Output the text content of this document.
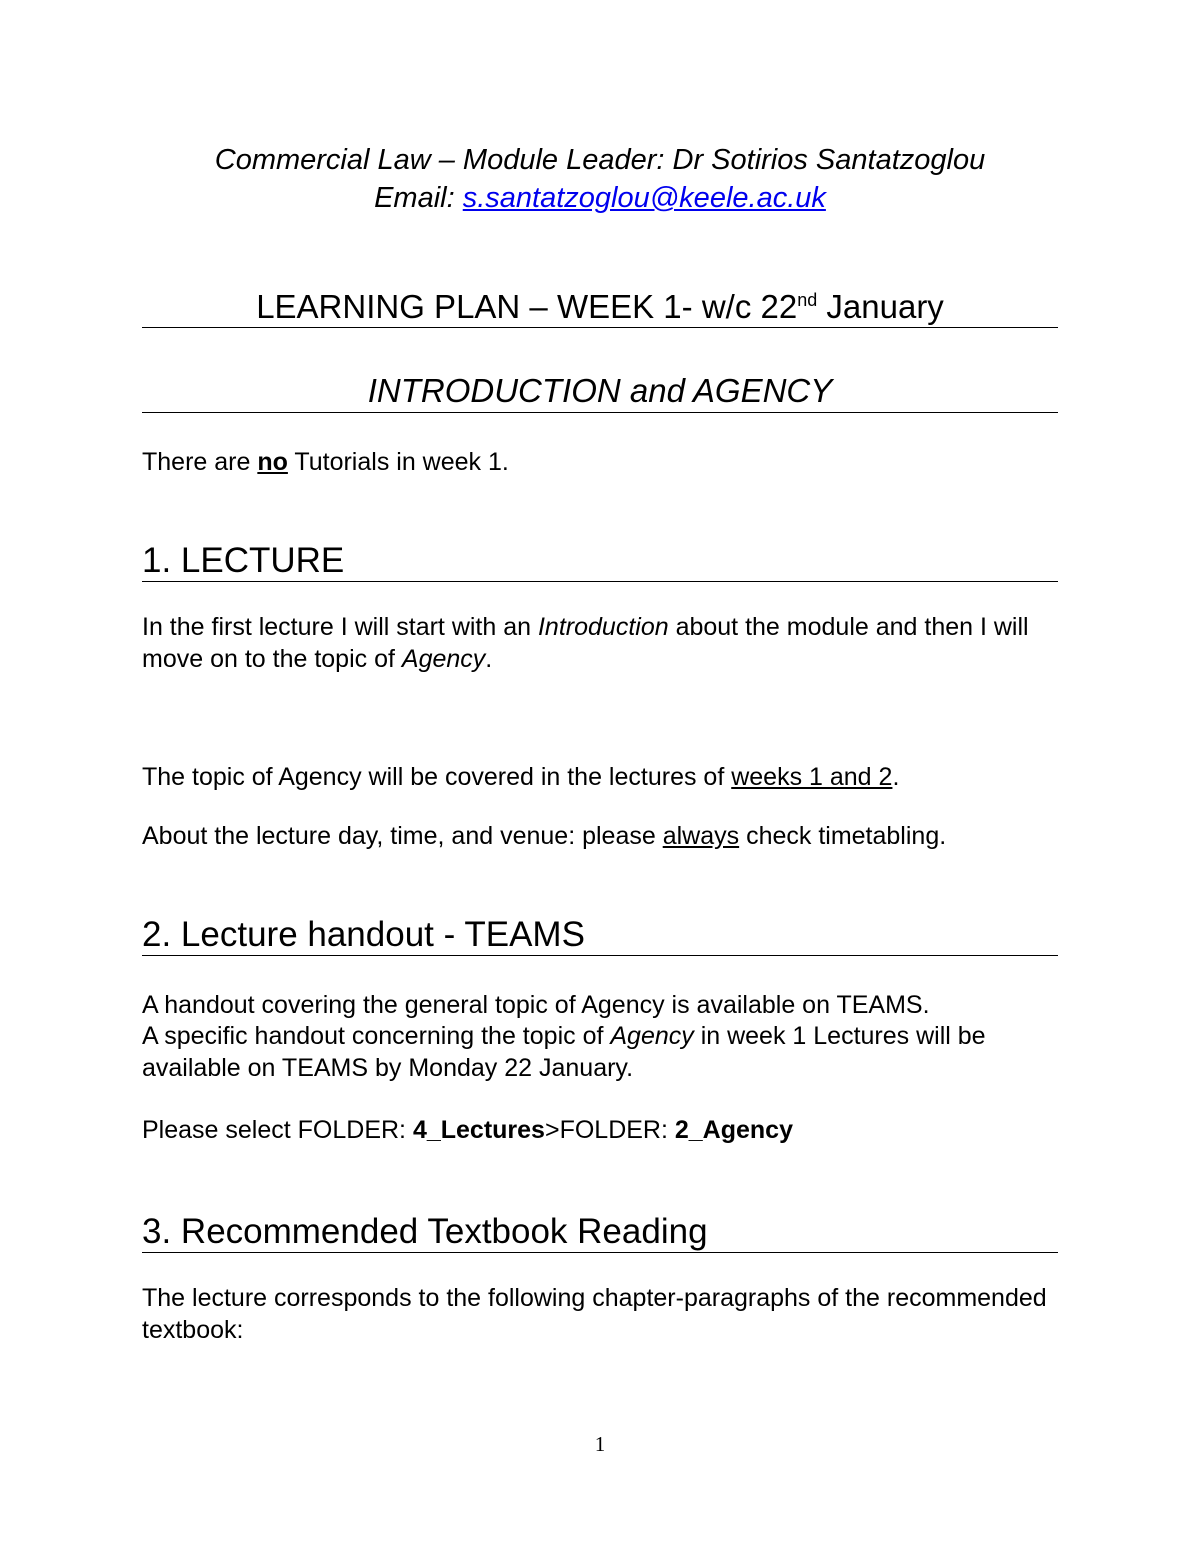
Commercial Law – Module Leader: Dr Sotirios Santatzoglou
Email: s.santatzoglou@keele.ac.uk
LEARNING PLAN – WEEK 1- w/c 22nd January
INTRODUCTION and AGENCY
There are no Tutorials in week 1.
1. LECTURE
In the first lecture I will start with an Introduction about the module and then I will move on to the topic of Agency.
The topic of Agency will be covered in the lectures of weeks 1 and 2.
About the lecture day, time, and venue: please always check timetabling.
2. Lecture handout - TEAMS
A handout covering the general topic of Agency is available on TEAMS.
A specific handout concerning the topic of Agency in week 1 Lectures will be available on TEAMS by Monday 22 January.
Please select FOLDER: 4_Lectures>FOLDER: 2_Agency
3. Recommended Textbook Reading
The lecture corresponds to the following chapter-paragraphs of the recommended textbook:
1
